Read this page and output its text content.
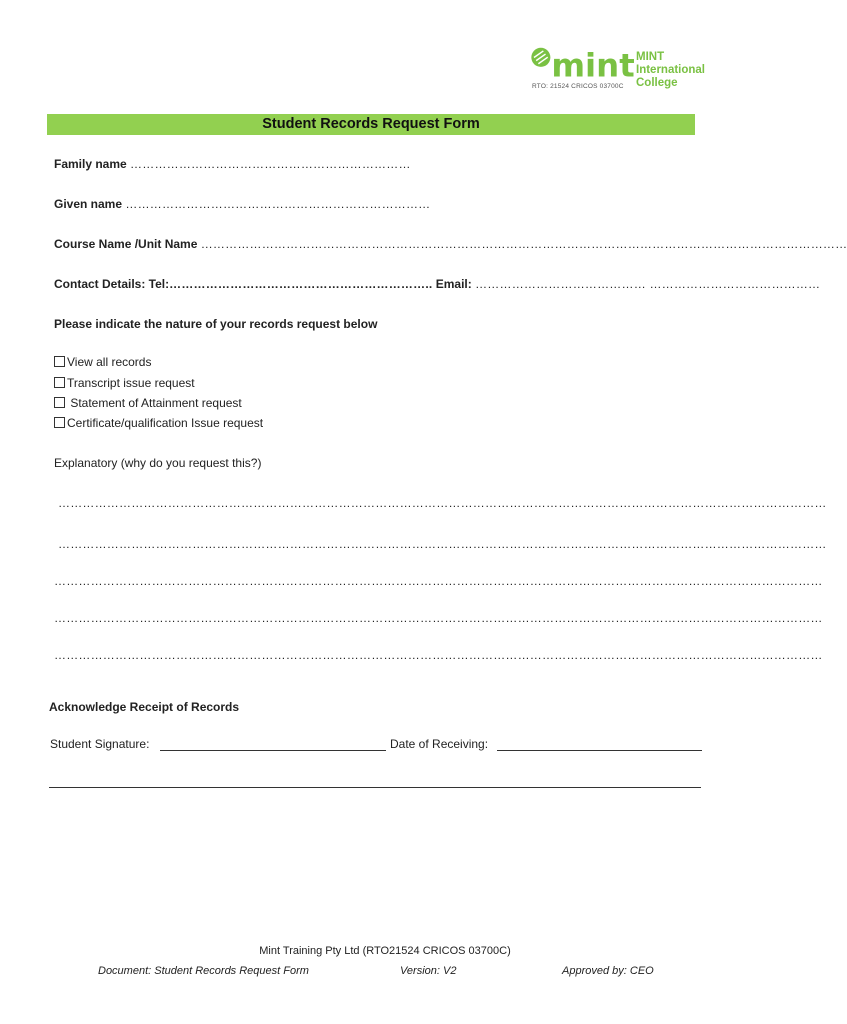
mint
RTO: 21524 CRICOS 03700C
MINT
International
College
Student Records Request Form
Family name ……………………………………………………………
Given name …………………………………………………………………
Course Name /Unit Name ……………………………………………………………………………………………………………………………………………
Contact Details: Tel:……………………………………………………….. Email: …………………………………… ……………………………………
Please indicate the nature of your records request below
View all records
Transcript issue request
Statement of Attainment request
Certificate/qualification Issue request
Explanatory (why do you request this?)
………………………………………………………………………………………………………………………………………………………………………
………………………………………………………………………………………………………………………………………………………………………
………………………………………………………………………………………………………………………………………………………………………
………………………………………………………………………………………………………………………………………………………………………
………………………………………………………………………………………………………………………………………………………………………
Acknowledge Receipt of Records
Student Signature:	Date of Receiving:
Mint Training Pty Ltd (RTO21524 CRICOS 03700C)
Document: Student Records Request Form	Version: V2	Approved by: CEO
